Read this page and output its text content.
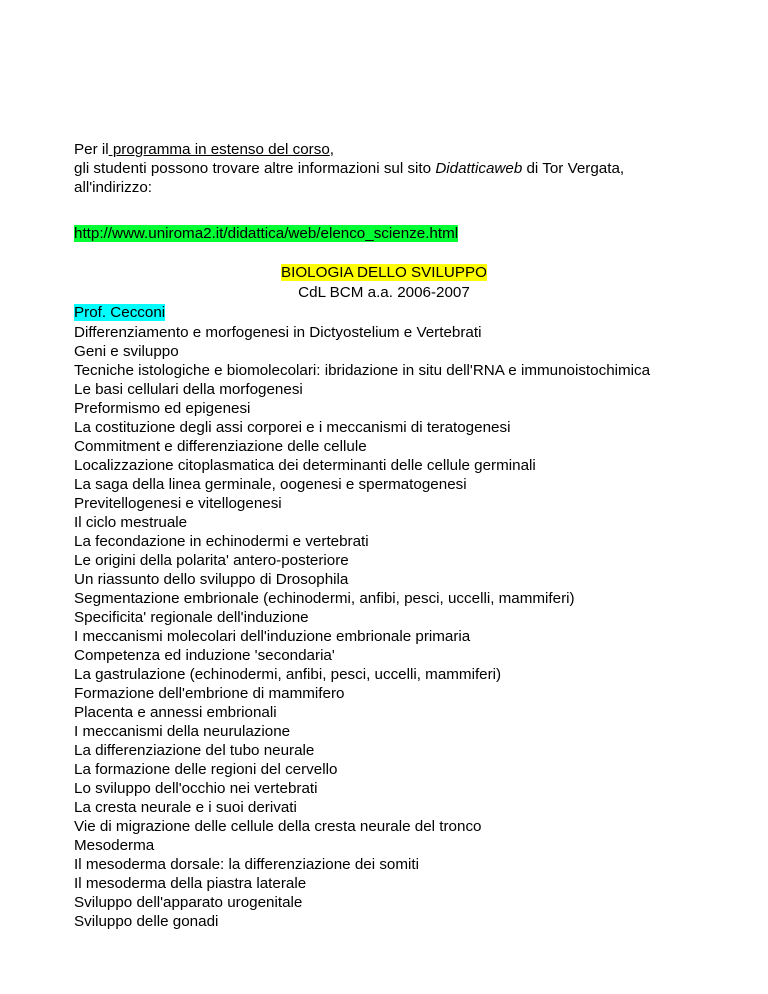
Per il programma in estenso del corso,

gli studenti possono trovare altre informazioni sul sito Didatticaweb di Tor Vergata,

all'indirizzo:

http://www.uniroma2.it/didattica/web/elenco_scienze.html
BIOLOGIA DELLO SVILUPPO
CdL BCM a.a. 2006-2007
Prof. Cecconi
Differenziamento e morfogenesi in Dictyostelium e Vertebrati
Geni e sviluppo
Tecniche istologiche e biomolecolari: ibridazione in situ dell'RNA e immunoistochimica
Le basi cellulari della morfogenesi
Preformismo ed epigenesi
La costituzione degli assi corporei e i meccanismi di teratogenesi
Commitment e differenziazione delle cellule
Localizzazione citoplasmatica dei determinanti delle cellule germinali
La saga della linea germinale, oogenesi e spermatogenesi
Previtellogenesi e vitellogenesi
Il ciclo mestruale
La fecondazione in echinodermi e vertebrati
Le origini della polarita' antero-posteriore
Un riassunto dello sviluppo di Drosophila
Segmentazione embrionale (echinodermi, anfibi, pesci, uccelli, mammiferi)
Specificita' regionale dell'induzione
I meccanismi molecolari dell'induzione embrionale primaria
Competenza ed induzione 'secondaria'
La gastrulazione (echinodermi, anfibi, pesci, uccelli, mammiferi)
Formazione dell'embrione di mammifero
Placenta e annessi embrionali
I meccanismi della neurulazione
La differenziazione del tubo neurale
La formazione delle regioni del cervello
Lo sviluppo dell'occhio nei vertebrati
La cresta neurale e i suoi derivati
Vie di migrazione delle cellule della cresta neurale del tronco
Mesoderma
Il mesoderma dorsale: la differenziazione dei somiti
Il mesoderma della piastra laterale
Sviluppo dell'apparato urogenitale
Sviluppo delle gonadi
